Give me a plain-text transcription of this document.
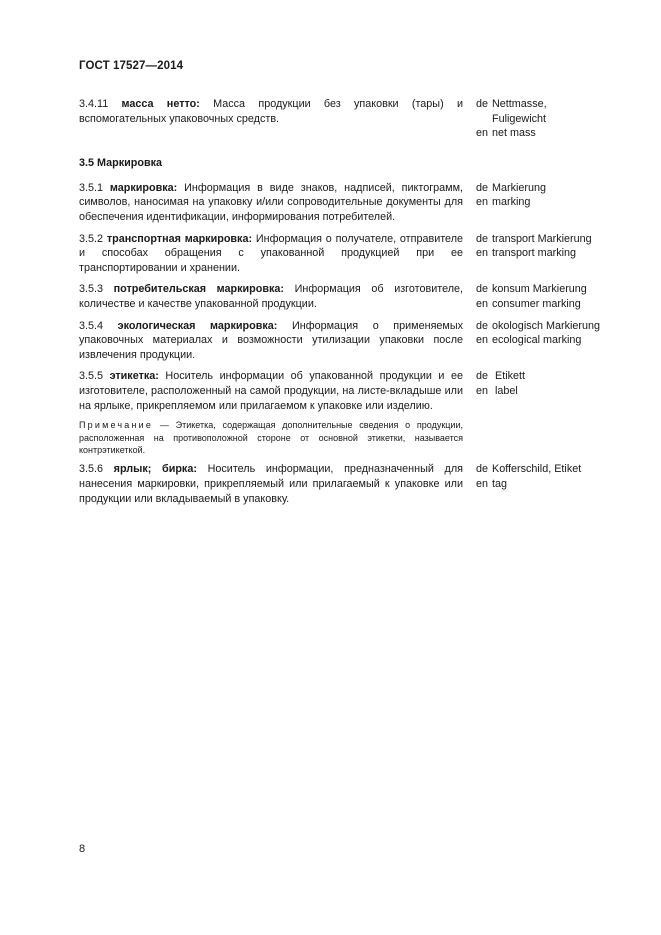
ГОСТ 17527—2014
3.4.11 масса нетто: Масса продукции без упаковки (тары) и вспомогательных упаковочных средств.
de

en
Nettmasse,
Fuligewicht
net mass
3.5 Маркировка
3.5.1 маркировка: Информация в виде знаков, надписей, пиктограмм, символов, наносимая на упаковку и/или сопроводительные документы для обеспечения идентификации, информирования потребителей.
de
en
Markierung
marking
3.5.2 транспортная маркировка: Информация о получателе, отправителе и способах обращения с упакованной продукцией при ее транспортировании и хранении.
de
en
transport Markierung
transport marking
3.5.3 потребительская маркировка: Информация об изготовителе, количестве и качестве упакованной продукции.
de
en
konsum Markierung
consumer marking
3.5.4 экологическая маркировка: Информация о применяемых упаковочных материалах и возможности утилизации упаковки после извлечения продукции.
de
en
okologisch Markierung
ecological marking
3.5.5 этикетка: Носитель информации об упакованной продукции и ее изготовителе, расположенный на самой продукции, на листе-вкладыше или на ярлыке, прикрепляемом или прилагаемом к упаковке или изделию.
de
en
Etikett
label
Примечание — Этикетка, содержащая дополнительные сведения о продукции, расположенная на противоположной стороне от основной этикетки, называется контрэтикеткой.
3.5.6 ярлык; бирка: Носитель информации, предназначенный для нанесения маркировки, прикрепляемый или прилагаемый к упаковке или продукции или вкладываемый в упаковку.
de
en
Kofferschild, Etiket
tag
8
